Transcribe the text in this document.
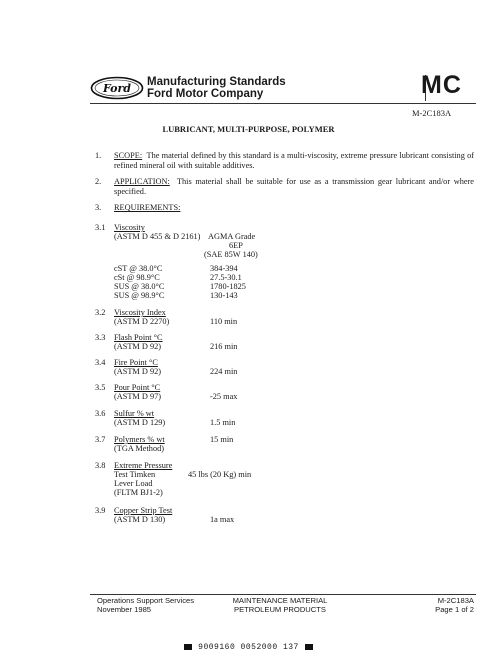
Ford Manufacturing Standards
Ford Motor Company	MC
M-2C183A
LUBRICANT, MULTI-PURPOSE, POLYMER
1. SCOPE: The material defined by this standard is a multi-viscosity, extreme pressure lubricant consisting of refined mineral oil with suitable additives.
2. APPLICATION: This material shall be suitable for use as a transmission gear lubricant and/or where specified.
3. REQUIREMENTS:
3.1 Viscosity
(ASTM D 455 & D 2161) AGMA Grade
6EP
(SAE 85W 140)
cST @ 38.0°C	384-394
cSt @ 98.9°C	27.5-30.1
SUS @ 38.0°C	1780-1825
SUS @ 98.9°C	130-143
3.2 Viscosity Index
(ASTM D 2270)	110 min
3.3 Flash Point °C
(ASTM D 92)	216 min
3.4 Fire Point °C
(ASTM D 92)	224 min
3.5 Pour Point °C
(ASTM D 97)	-25 max
3.6 Sulfur % wt
(ASTM D 129)	1.5 min
3.7 Polymers % wt	15 min
(TGA Method)
3.8 Extreme Pressure
Test Timken	45 lbs (20 Kg) min
Lever Load
(FLTM BJ1-2)
3.9 Copper Strip Test
(ASTM D 130)	1a max
Operations Support Services
November 1985
MAINTENANCE MATERIAL
PETROLEUM PRODUCTS
M-2C183A
Page 1 of 2
9009160 0052000 137
